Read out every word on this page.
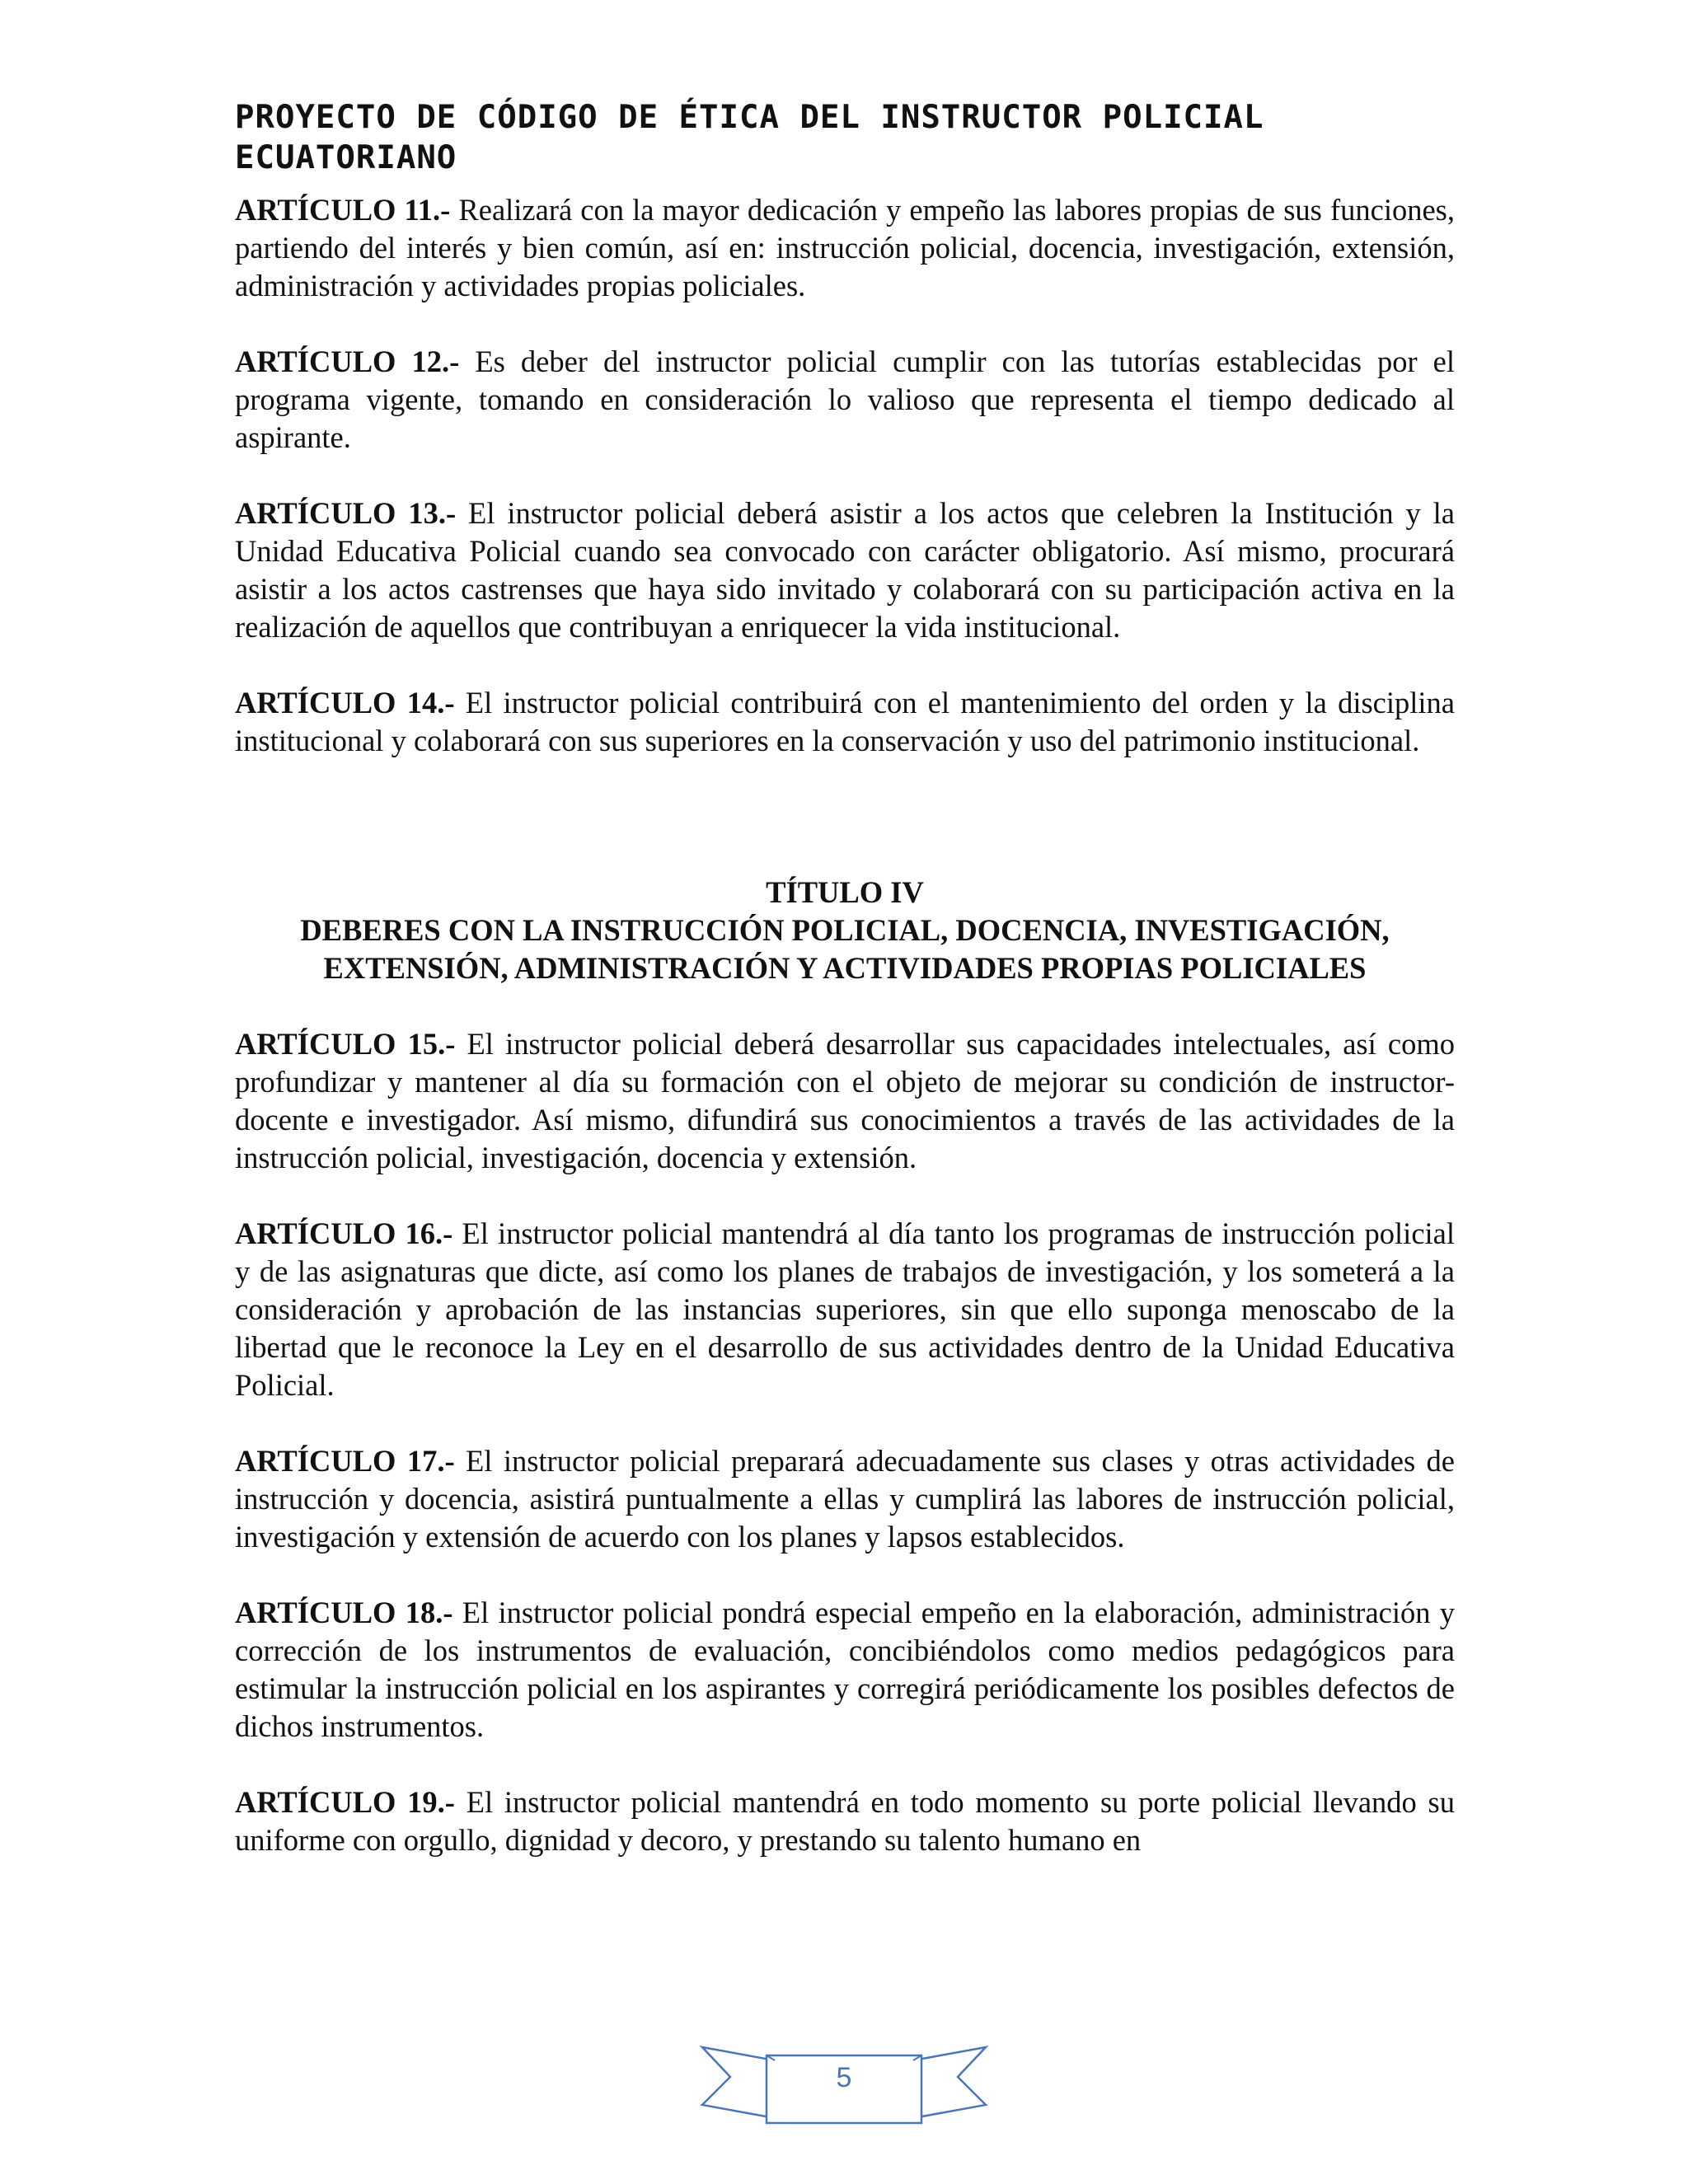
PROYECTO DE CÓDIGO DE ÉTICA DEL INSTRUCTOR POLICIAL
ECUATORIANO

ARTÍCULO 11.- Realizará con la mayor dedicación y empeño las labores propias de sus funciones, partiendo del interés y bien común, así en: instrucción policial, docencia, investigación, extensión, administración y actividades propias policiales.

ARTÍCULO 12.- Es deber del instructor policial cumplir con las tutorías establecidas por el programa vigente, tomando en consideración lo valioso que representa el tiempo dedicado al aspirante.

ARTÍCULO 13.- El instructor policial deberá asistir a los actos que celebren la Institución y la Unidad Educativa Policial cuando sea convocado con carácter obligatorio. Así mismo, procurará asistir a los actos castrenses que haya sido invitado y colaborará con su participación activa en la realización de aquellos que contribuyan a enriquecer la vida institucional.

ARTÍCULO 14.- El instructor policial contribuirá con el mantenimiento del orden y la disciplina institucional y colaborará con sus superiores en la conservación y uso del patrimonio institucional.

TÍTULO IV
DEBERES CON LA INSTRUCCIÓN POLICIAL, DOCENCIA, INVESTIGACIÓN,
EXTENSIÓN, ADMINISTRACIÓN Y ACTIVIDADES PROPIAS POLICIALES

ARTÍCULO 15.- El instructor policial deberá desarrollar sus capacidades intelectuales, así como profundizar y mantener al día su formación con el objeto de mejorar su condición de instructor-docente e investigador. Así mismo, difundirá sus conocimientos a través de las actividades de la instrucción policial, investigación, docencia y extensión.

ARTÍCULO 16.- El instructor policial mantendrá al día tanto los programas de instrucción policial y de las asignaturas que dicte, así como los planes de trabajos de investigación, y los someterá a la consideración y aprobación de las instancias superiores, sin que ello suponga menoscabo de la libertad que le reconoce la Ley en el desarrollo de sus actividades dentro de la Unidad Educativa Policial.

ARTÍCULO 17.- El instructor policial preparará adecuadamente sus clases y otras actividades de instrucción y docencia, asistirá puntualmente a ellas y cumplirá las labores de instrucción policial, investigación y extensión de acuerdo con los planes y lapsos establecidos.

ARTÍCULO 18.- El instructor policial pondrá especial empeño en la elaboración, administración y corrección de los instrumentos de evaluación, concibiéndolos como medios pedagógicos para estimular la instrucción policial en los aspirantes y corregirá periódicamente los posibles defectos de dichos instrumentos.

ARTÍCULO 19.- El instructor policial mantendrá en todo momento su porte policial llevando su uniforme con orgullo, dignidad y decoro, y prestando su talento humano en

5
